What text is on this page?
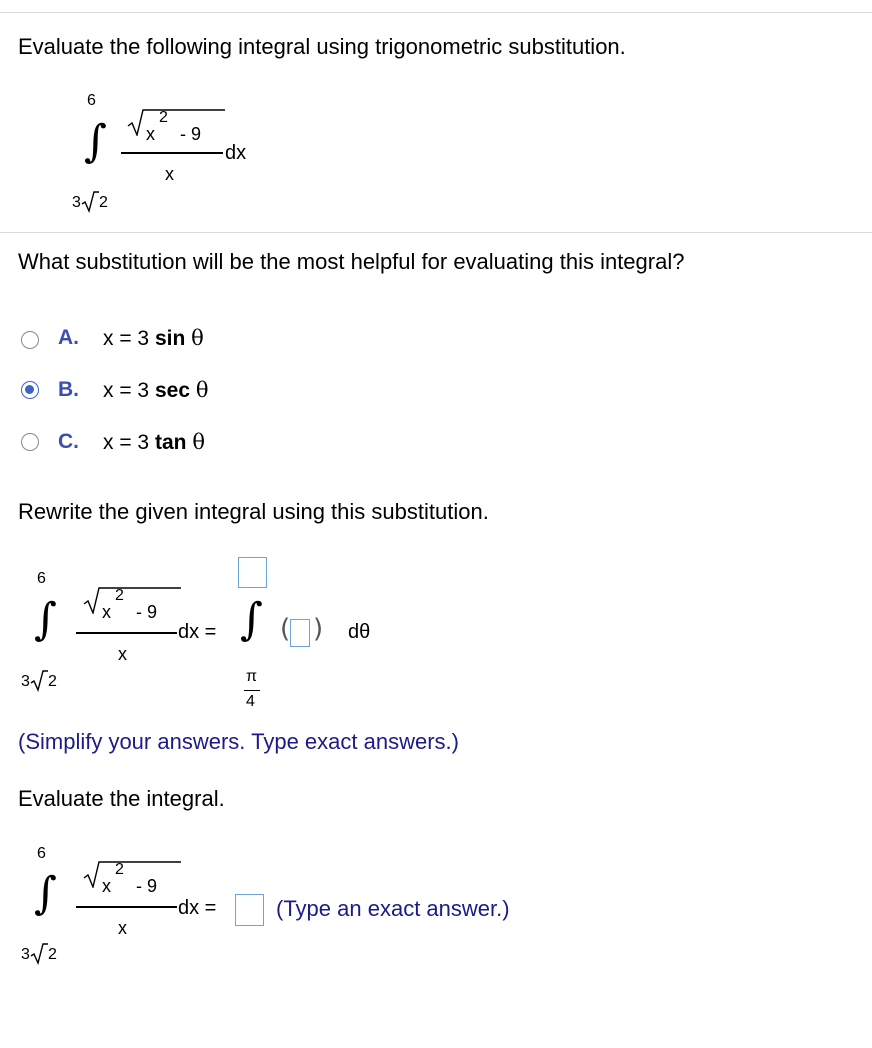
Evaluate the following integral using trigonometric substitution.
6
∫
3 2
x
2
- 9
x
dx
What substitution will be the most helpful for evaluating this integral?
A. x = 3 sin θ
B. x = 3 sec θ
C. x = 3 tan θ
Rewrite the given integral using this substitution.
6
∫
3 2
x
2
- 9
x
dx = ∫ ( ) dθ
π
4
(Simplify your answers. Type exact answers.)
Evaluate the integral.
6
∫
3 2
x
2
- 9
x
dx =	(Type an exact answer.)
